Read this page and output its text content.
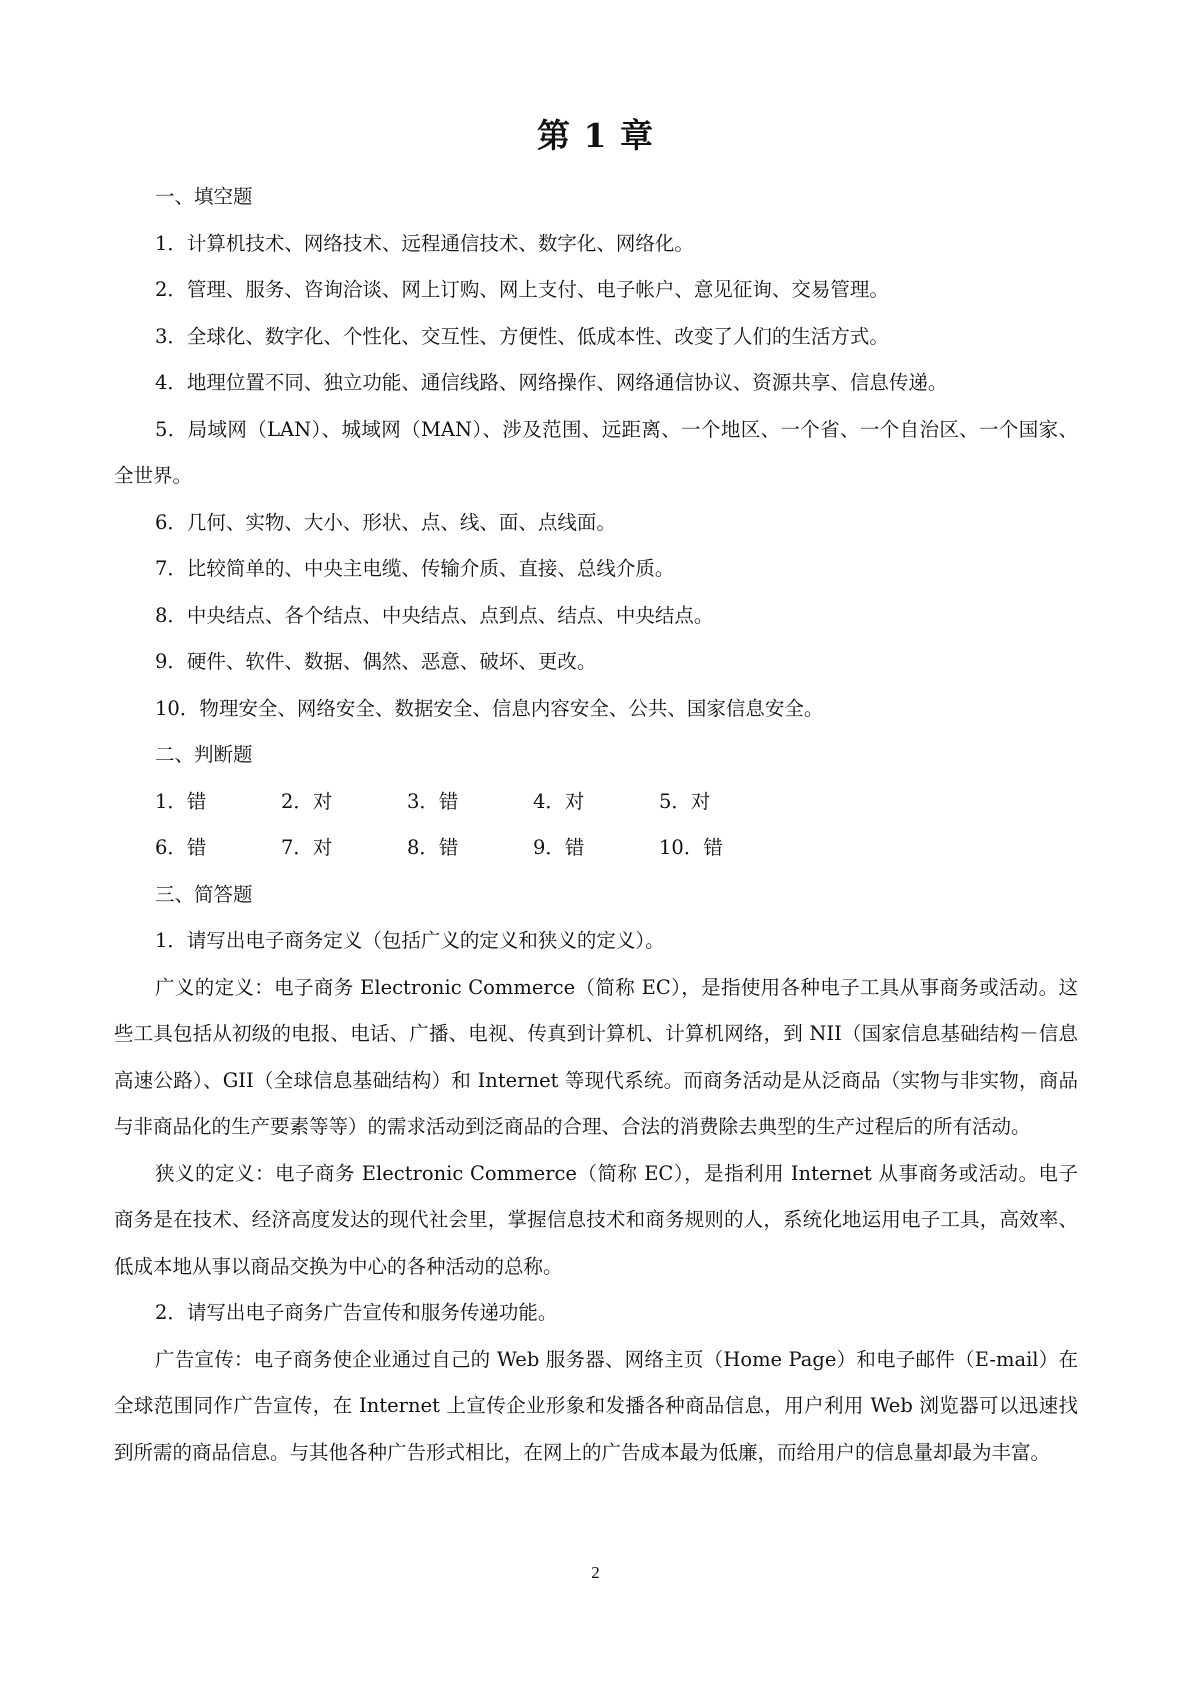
第 1 章

一、填空题

1．计算机技术、网络技术、远程通信技术、数字化、网络化。

2．管理、服务、咨询洽谈、网上订购、网上支付、电子帐户、意见征询、交易管理。

3．全球化、数字化、个性化、交互性、方便性、低成本性、改变了人们的生活方式。

4．地理位置不同、独立功能、通信线路、网络操作、网络通信协议、资源共享、信息传递。

5．局域网（LAN）、城域网（MAN）、涉及范围、远距离、一个地区、一个省、一个自治区、一个国家、全世界。

6．几何、实物、大小、形状、点、线、面、点线面。

7．比较简单的、中央主电缆、传输介质、直接、总线介质。

8．中央结点、各个结点、中央结点、点到点、结点、中央结点。

9．硬件、软件、数据、偶然、恶意、破坏、更改。

10．物理安全、网络安全、数据安全、信息内容安全、公共、国家信息安全。

二、判断题

1．错	2．对	3．错	4．对	5．对
6．错	7．对	8．错	9．错	10．错

三、简答题

1．请写出电子商务定义（包括广义的定义和狭义的定义）。

广义的定义：电子商务 Electronic Commerce（简称 EC），是指使用各种电子工具从事商务或活动。这些工具包括从初级的电报、电话、广播、电视、传真到计算机、计算机网络，到 NII（国家信息基础结构－信息高速公路）、GII（全球信息基础结构）和 Internet 等现代系统。而商务活动是从泛商品（实物与非实物，商品与非商品化的生产要素等等）的需求活动到泛商品的合理、合法的消费除去典型的生产过程后的所有活动。

狭义的定义：电子商务 Electronic Commerce（简称 EC），是指利用 Internet 从事商务或活动。电子商务是在技术、经济高度发达的现代社会里，掌握信息技术和商务规则的人，系统化地运用电子工具，高效率、低成本地从事以商品交换为中心的各种活动的总称。

2．请写出电子商务广告宣传和服务传递功能。

广告宣传：电子商务使企业通过自己的 Web 服务器、网络主页（Home Page）和电子邮件（E-mail）在全球范围同作广告宣传，在 Internet 上宣传企业形象和发播各种商品信息，用户利用 Web 浏览器可以迅速找到所需的商品信息。与其他各种广告形式相比，在网上的广告成本最为低廉，而给用户的信息量却最为丰富。

2
